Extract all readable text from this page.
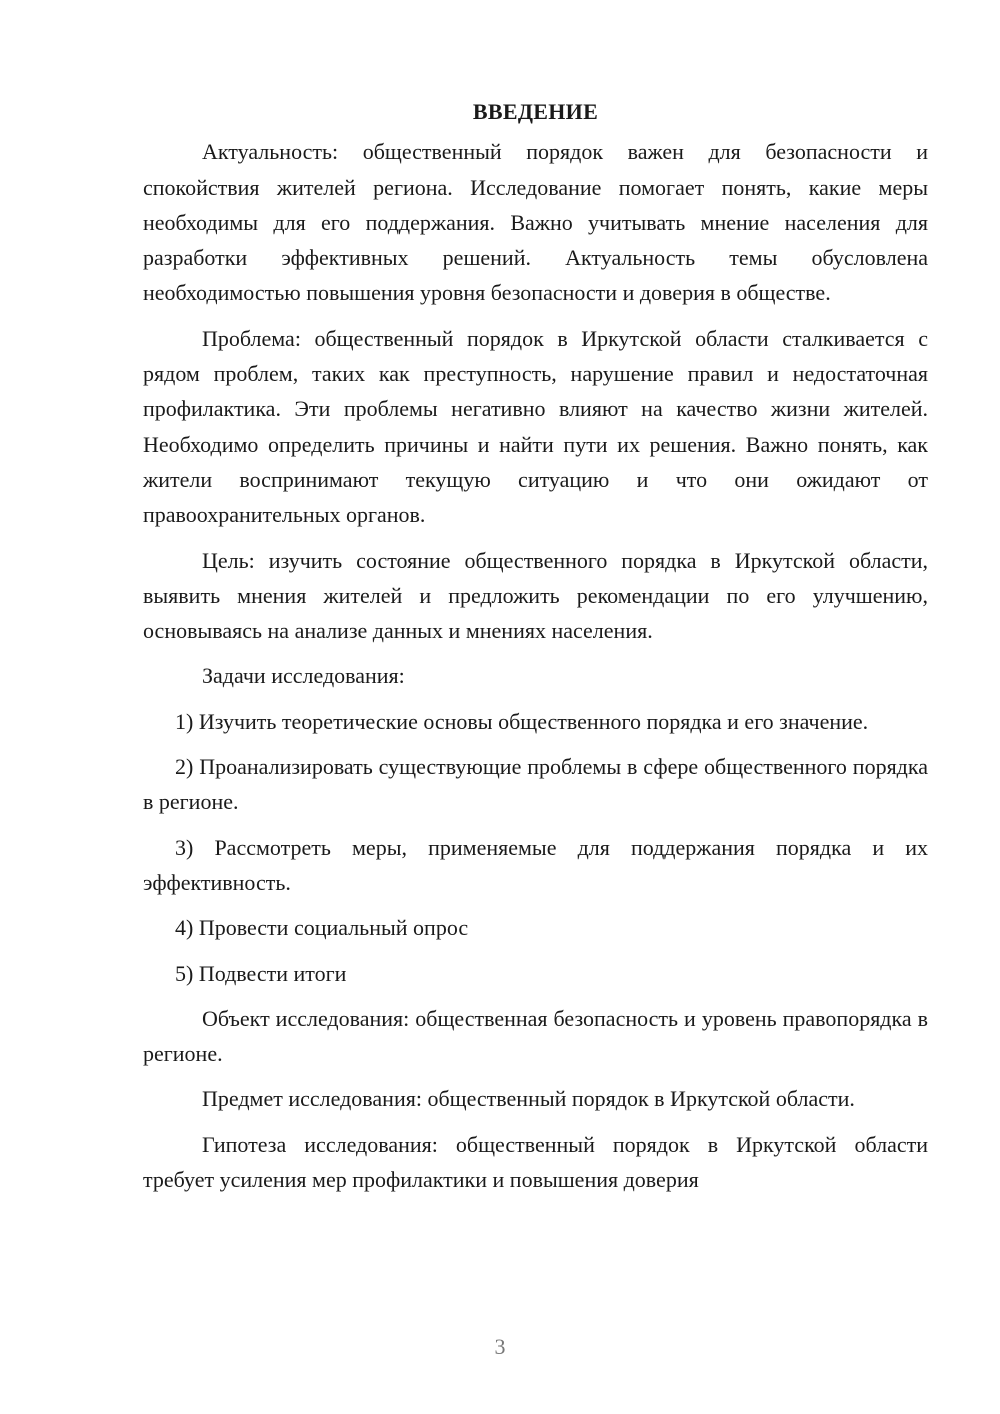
ВВЕДЕНИЕ

Актуальность: общественный порядок важен для безопасности и спокойствия жителей региона. Исследование помогает понять, какие меры необходимы для его поддержания. Важно учитывать мнение населения для разработки эффективных решений. Актуальность темы обусловлена необходимостью повышения уровня безопасности и доверия в обществе.

Проблема: общественный порядок в Иркутской области сталкивается с рядом проблем, таких как преступность, нарушение правил и недостаточная профилактика. Эти проблемы негативно влияют на качество жизни жителей. Необходимо определить причины и найти пути их решения. Важно понять, как жители воспринимают текущую ситуацию и что они ожидают от правоохранительных органов.

Цель: изучить состояние общественного порядка в Иркутской области, выявить мнения жителей и предложить рекомендации по его улучшению, основываясь на анализе данных и мнениях населения.

Задачи исследования:

1) Изучить теоретические основы общественного порядка и его значение.

2) Проанализировать существующие проблемы в сфере общественного порядка в регионе.

3) Рассмотреть меры, применяемые для поддержания порядка и их эффективность.

4) Провести социальный опрос

5) Подвести итоги

Объект исследования: общественная безопасность и уровень правопорядка в регионе.

Предмет исследования: общественный порядок в Иркутской области.

Гипотеза исследования: общественный порядок в Иркутской области требует усиления мер профилактики и повышения доверия

3
